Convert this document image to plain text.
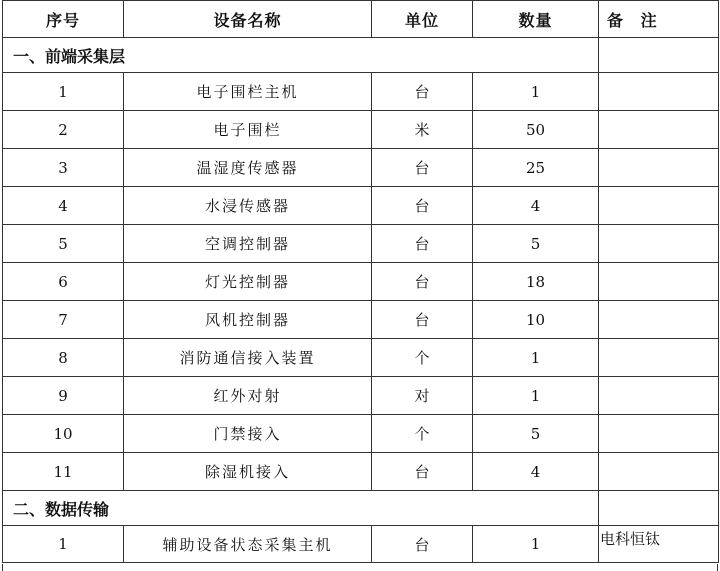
序号	设备名称	单位	数量	备 注
一、前端采集层				
1	电子围栏主机	台	1	
2	电子围栏	米	50	
3	温湿度传感器	台	25	
4	水浸传感器	台	4	
5	空调控制器	台	5	
6	灯光控制器	台	18	
7	风机控制器	台	10	
8	消防通信接入装置	个	1	
9	红外对射	对	1	
10	门禁接入	个	5	
11	除湿机接入	台	4	
二、数据传输				
1	辅助设备状态采集主机	台	1	电科恒钛
